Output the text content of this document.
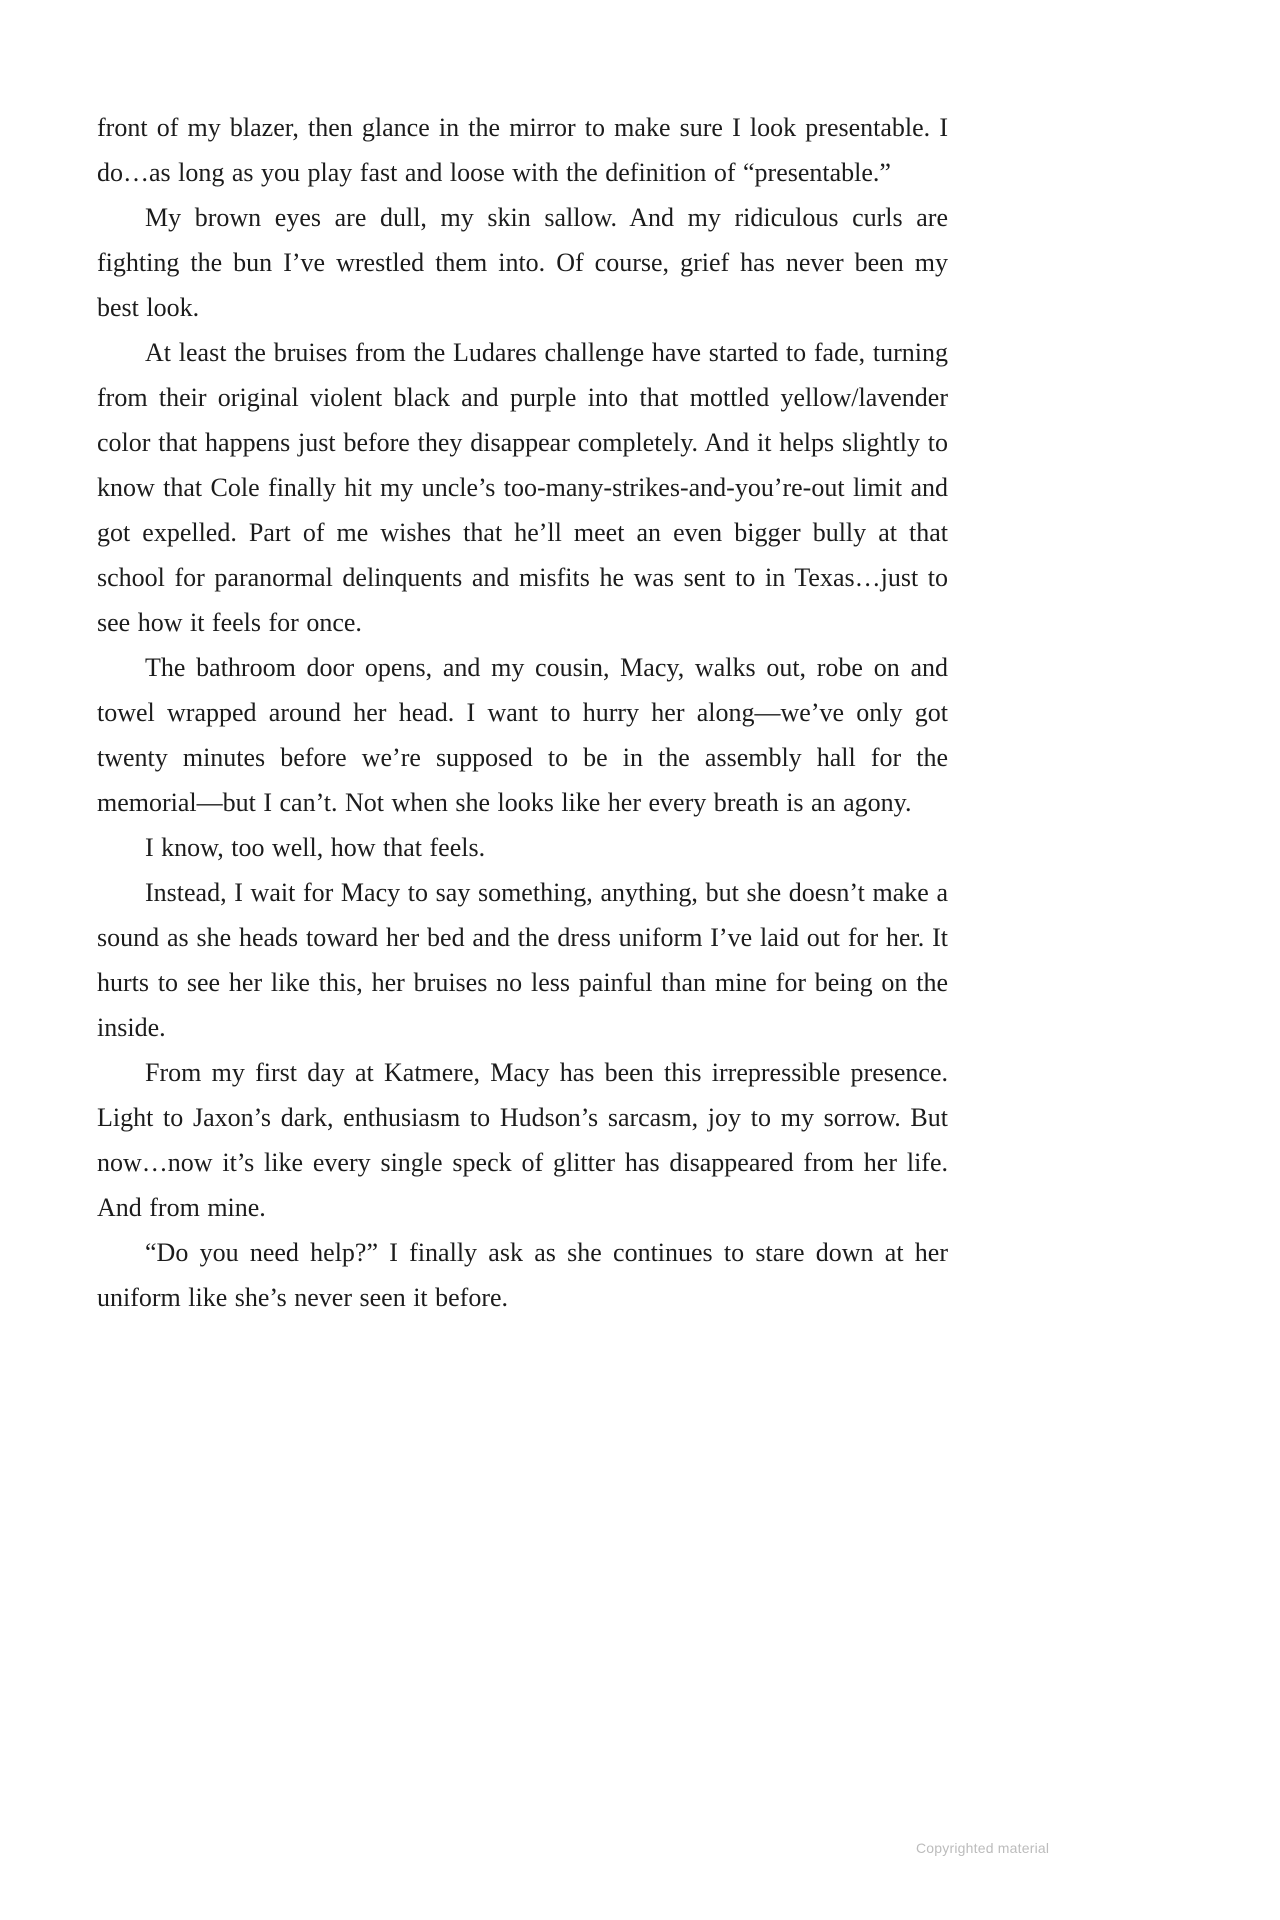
front of my blazer, then glance in the mirror to make sure I look presentable. I do…as long as you play fast and loose with the definition of “presentable.”

My brown eyes are dull, my skin sallow. And my ridiculous curls are fighting the bun I’ve wrestled them into. Of course, grief has never been my best look.

At least the bruises from the Ludares challenge have started to fade, turning from their original violent black and purple into that mottled yellow/lavender color that happens just before they disappear completely. And it helps slightly to know that Cole finally hit my uncle’s too-many-strikes-and-you’re-out limit and got expelled. Part of me wishes that he’ll meet an even bigger bully at that school for paranormal delinquents and misfits he was sent to in Texas…just to see how it feels for once.

The bathroom door opens, and my cousin, Macy, walks out, robe on and towel wrapped around her head. I want to hurry her along—we’ve only got twenty minutes before we’re supposed to be in the assembly hall for the memorial—but I can’t. Not when she looks like her every breath is an agony.

I know, too well, how that feels.

Instead, I wait for Macy to say something, anything, but she doesn’t make a sound as she heads toward her bed and the dress uniform I’ve laid out for her. It hurts to see her like this, her bruises no less painful than mine for being on the inside.

From my first day at Katmere, Macy has been this irrepressible presence. Light to Jaxon’s dark, enthusiasm to Hudson’s sarcasm, joy to my sorrow. But now…now it’s like every single speck of glitter has disappeared from her life. And from mine.

“Do you need help?” I finally ask as she continues to stare down at her uniform like she’s never seen it before.

Copyrighted material
